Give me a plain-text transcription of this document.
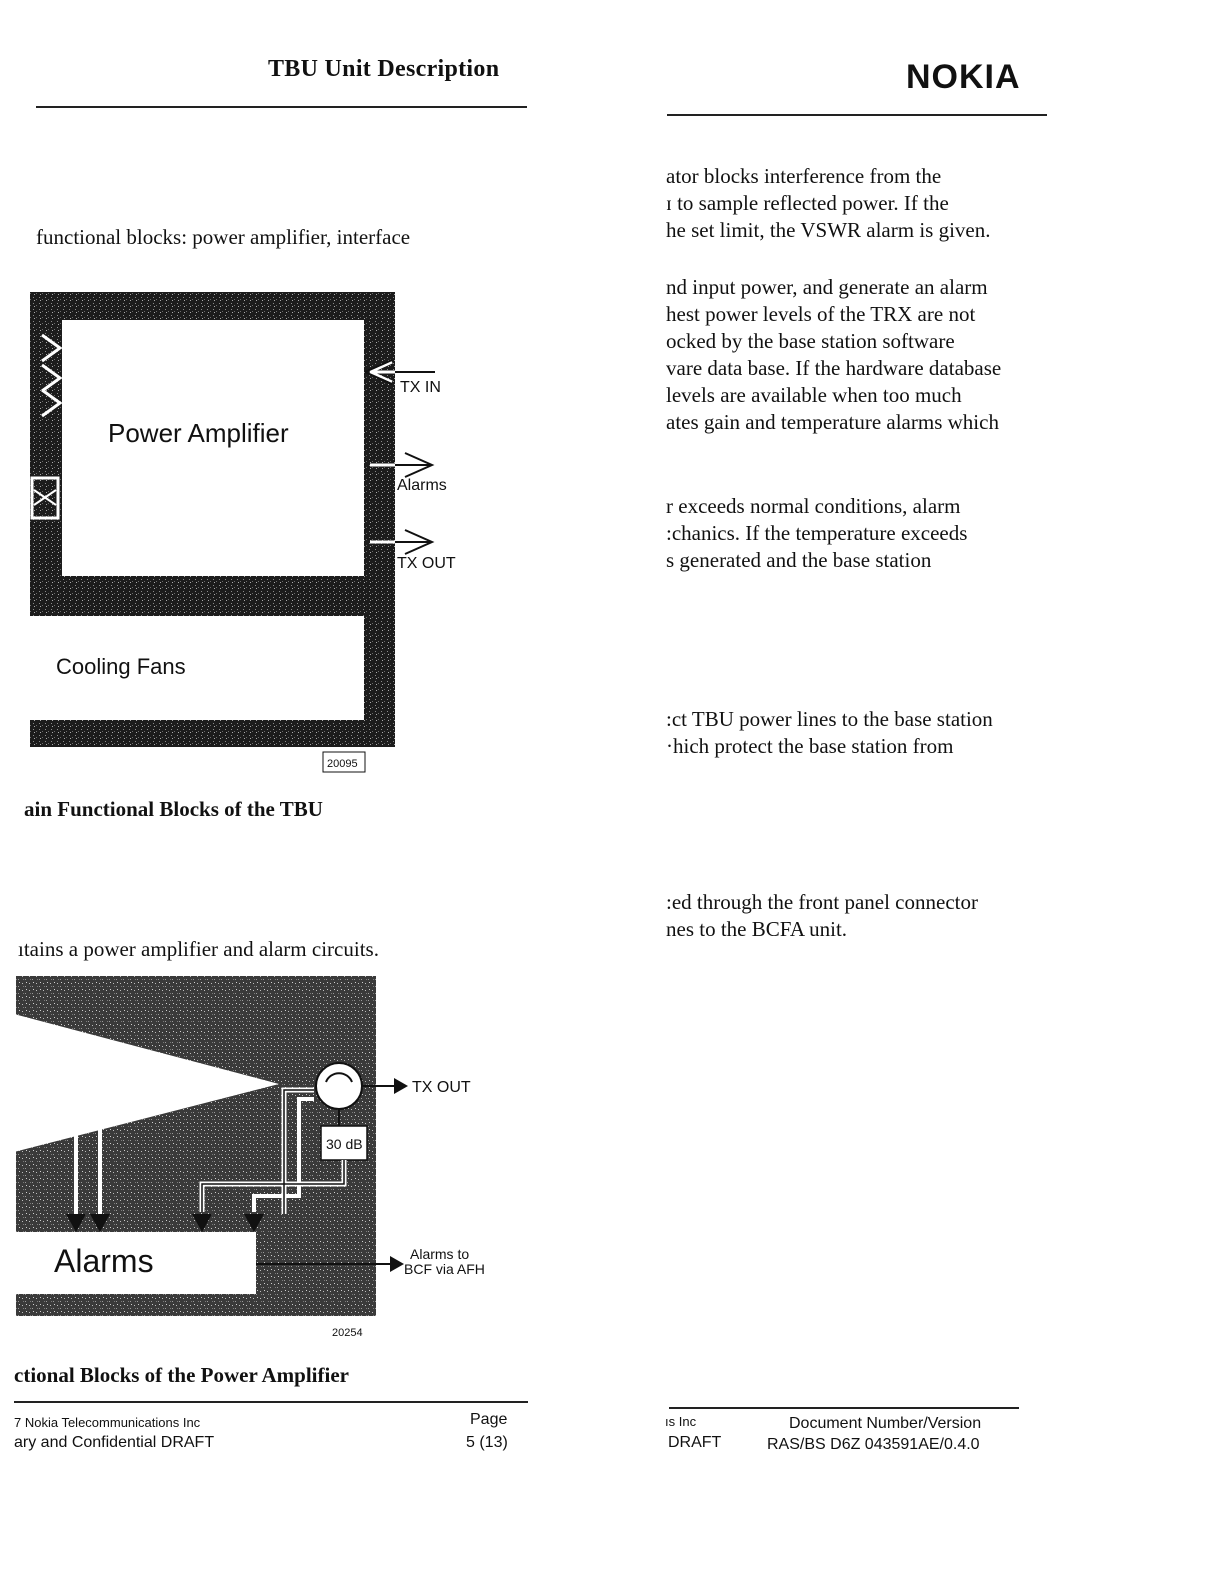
TBU Unit Description	NOKIA
functional blocks: power amplifier, interface
Power Amplifier
Cooling Fans
TX IN
Alarms
TX OUT
20095
ain Functional Blocks of the TBU
ıtains a power amplifier and alarm circuits.
TX OUT
30 dB
Alarms	Alarms to
BCF via AFH
20254
ctional Blocks of the Power Amplifier
ator blocks interference from the
ɪ to sample reflected power. If the
he set limit, the VSWR alarm is given.
nd input power, and generate an alarm
hest power levels of the TRX are not
ocked by the base station software
vare data base. If the hardware database
levels are available when too much
ates gain and temperature alarms which
r exceeds normal conditions, alarm
:chanics. If the temperature exceeds
s generated and the base station
:ct TBU power lines to the base station
·hich protect the base station from
:ed through the front panel connector
nes to the BCFA unit.
7 Nokia Telecommunications Inc
ary and Confidential DRAFT
Page
5 (13)
ıs Inc
DRAFT
Document Number/Version
RAS/BS D6Z 043591AE/0.4.0
